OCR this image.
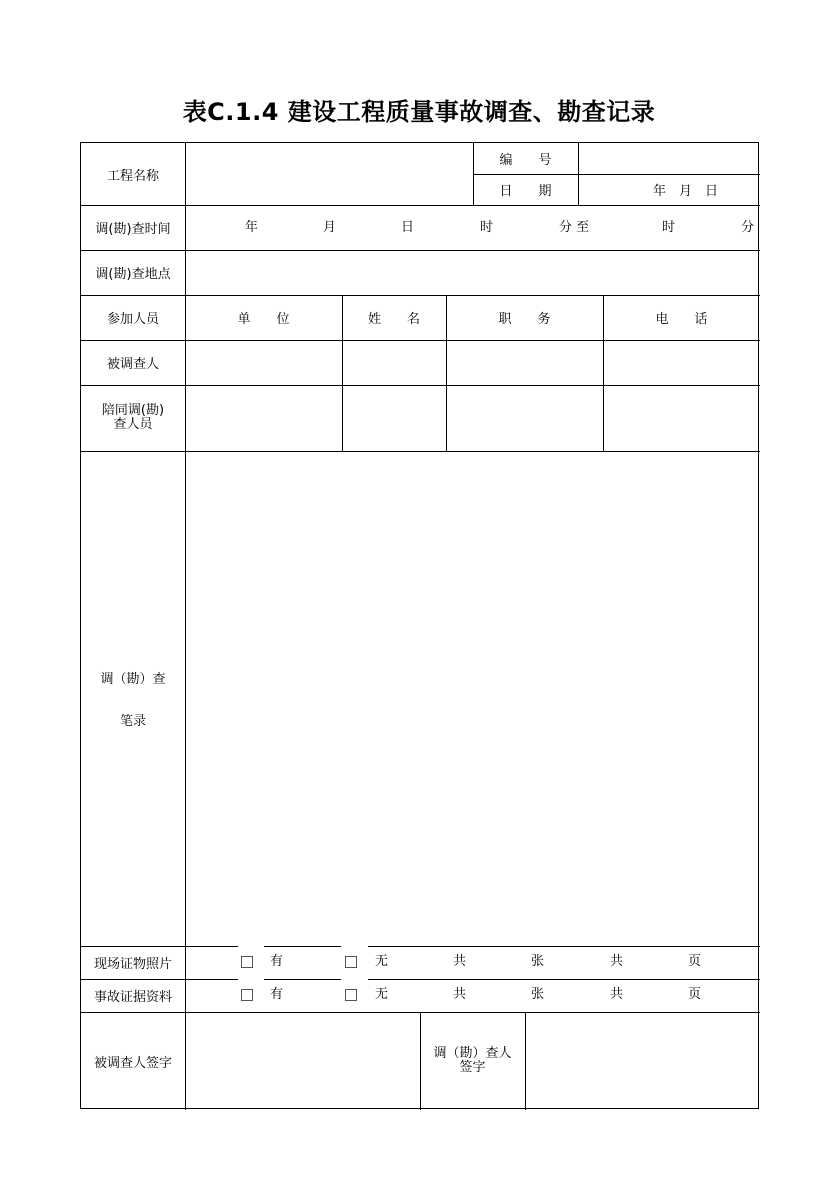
表C.1.4 建设工程质量事故调查、勘查记录
工程名称
编　　号
日　　期	年　月　日
调(勘)查时间	年	月	日	时	分 至	时	分
调(勘)查地点
参加人员	单　　位	姓　　名	职　　务	电　　话
被调查人
陪同调(勘)
查人员
调（勘）查
笔录
现场证物照片	有	无	共	张	共	页
事故证据资料	有	无	共	张	共	页
被调查人签字
调（勘）查人
签字
